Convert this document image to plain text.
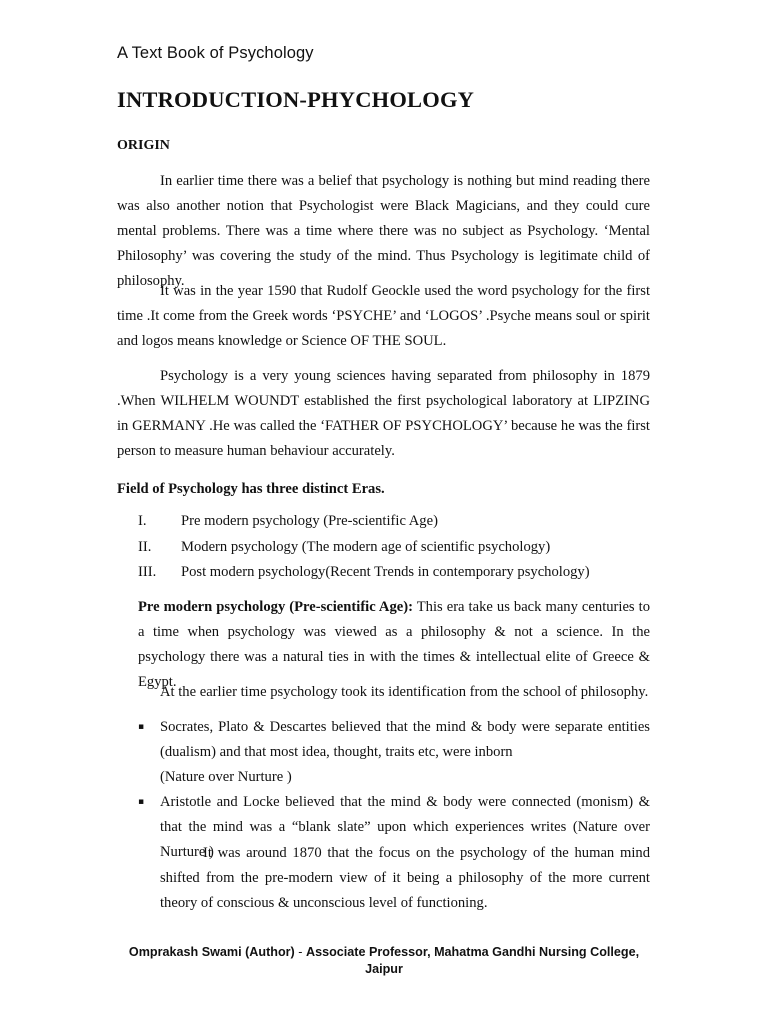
A Text Book of Psychology
INTRODUCTION-PHYCHOLOGY
ORIGIN

In earlier time there was a belief that psychology is nothing but mind reading there was also another notion that Psychologist were Black Magicians, and they could cure mental problems. There was a time where there was no subject as Psychology. ‘Mental Philosophy’ was covering the study of the mind. Thus Psychology is legitimate child of philosophy.

It was in the year 1590 that Rudolf Geockle used the word psychology for the first time .It come from the Greek words ‘PSYCHE’ and ‘LOGOS’ .Psyche means soul or spirit and logos means knowledge or Science OF THE SOUL.

Psychology is a very young sciences having separated from philosophy in 1879 .When WILHELM WOUNDT established the first psychological laboratory at LIPZING in GERMANY .He was called the ‘FATHER OF PSYCHOLOGY’ because he was the first person to measure human behaviour accurately.

Field of Psychology has three distinct Eras.
I. Pre modern psychology (Pre-scientific Age)
II. Modern psychology (The modern age of scientific psychology)
III. Post modern psychology(Recent Trends in contemporary psychology)

Pre modern psychology (Pre-scientific Age): This era take us back many centuries to a time when psychology was viewed as a philosophy & not a science. In the psychology there was a natural ties in with the times & intellectual elite of Greece & Egypt.

At the earlier time psychology took its identification from the school of philosophy.

▪ Socrates, Plato & Descartes believed that the mind & body were separate entities (dualism) and that most idea, thought, traits etc, were inborn
(Nature over Nurture )
▪ Aristotle and Locke believed that the mind & body were connected (monism) & that the mind was a “blank slate” upon which experiences writes (Nature over Nurture )

It was around 1870 that the focus on the psychology of the human mind shifted from the pre-modern view of it being a philosophy of the more current theory of conscious & unconscious level of functioning.

Omprakash Swami (Author) - Associate Professor, Mahatma Gandhi Nursing College,
Jaipur
